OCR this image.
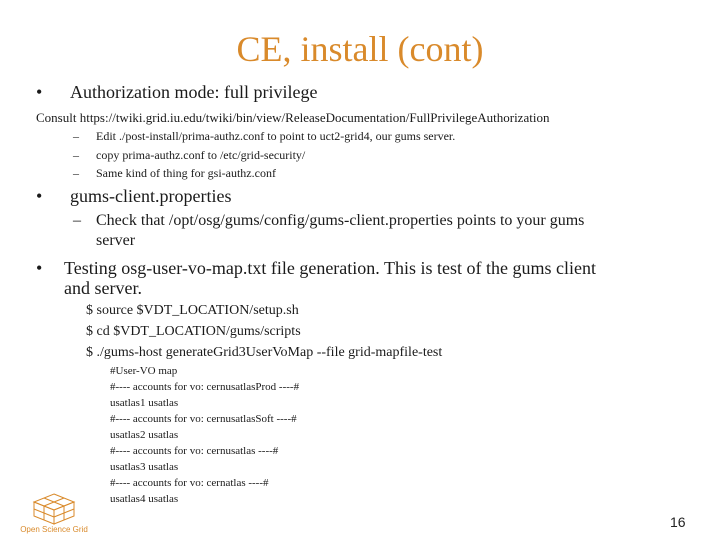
CE, install (cont)
• Authorization mode: full privilege
Consult https://twiki.grid.iu.edu/twiki/bin/view/ReleaseDocumentation/FullPrivilegeAuthorization
– Edit ./post-install/prima-authz.conf to point to uct2-grid4, our gums server.
– copy prima-authz.conf to /etc/grid-security/
– Same kind of thing for gsi-authz.conf
• gums-client.properties
– Check that /opt/osg/gums/config/gums-client.properties points to your gums
server
• Testing osg-user-vo-map.txt file generation. This is test of the gums client
and server.
$ source $VDT_LOCATION/setup.sh
$ cd $VDT_LOCATION/gums/scripts
$ ./gums-host generateGrid3UserVoMap --file grid-mapfile-test
#User-VO map
#---- accounts for vo: cernusatlasProd ----#
usatlas1 usatlas
#---- accounts for vo: cernusatlasSoft ----#
usatlas2 usatlas
#---- accounts for vo: cernusatlas ----#
usatlas3 usatlas
#---- accounts for vo: cernatlas ----#
usatlas4 usatlas
Open Science Grid	16
